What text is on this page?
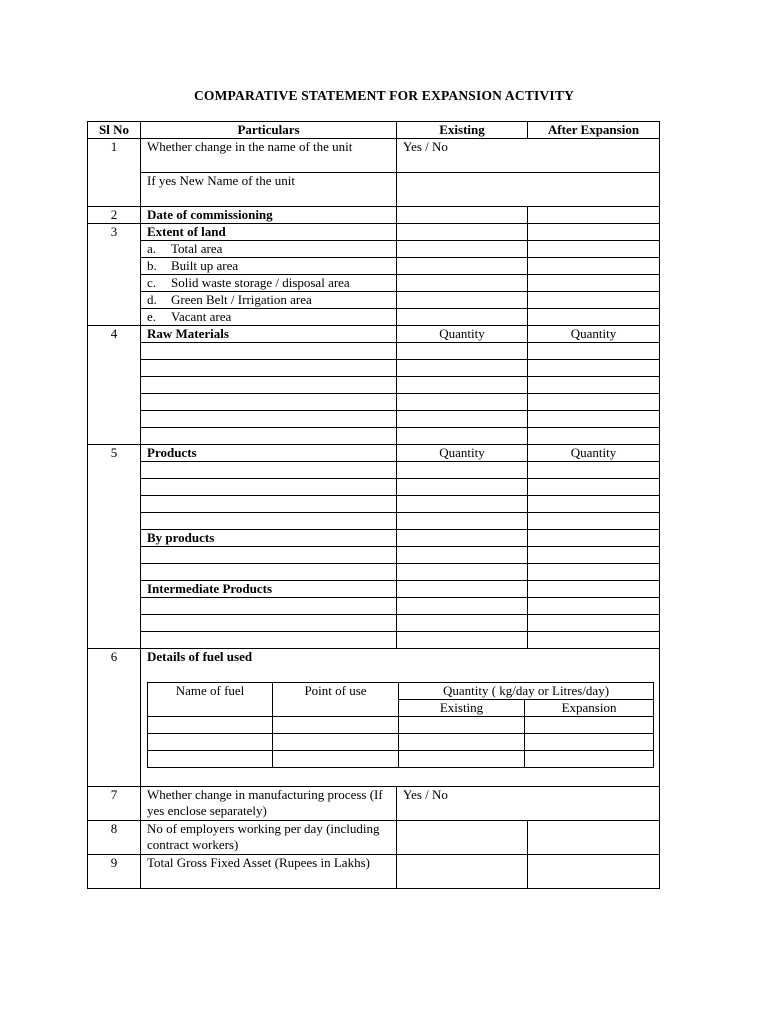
COMPARATIVE STATEMENT FOR EXPANSION ACTIVITY
Sl No	Particulars	Existing	After Expansion
1	Whether change in the name of the unit	Yes / No
If yes New Name of the unit	

2	Date of commissioning		
3	Extent of land		
a. Total area		
b. Built up area		
c. Solid waste storage / disposal area		
d. Green Belt / Irrigation area		
e. Vacant area		
4	Raw Materials	Quantity	Quantity

5	Products	Quantity	Quantity

By products		

Intermediate Products		

6	Details of fuel used
Name of fuel	Point of use	Quantity ( kg/day or Litres/day)
Existing	Expansion

7	Whether change in manufacturing process (If yes enclose separately)	Yes / No
8	No of employers working per day (including contract workers)		
9	Total Gross Fixed Asset (Rupees in Lakhs)		
